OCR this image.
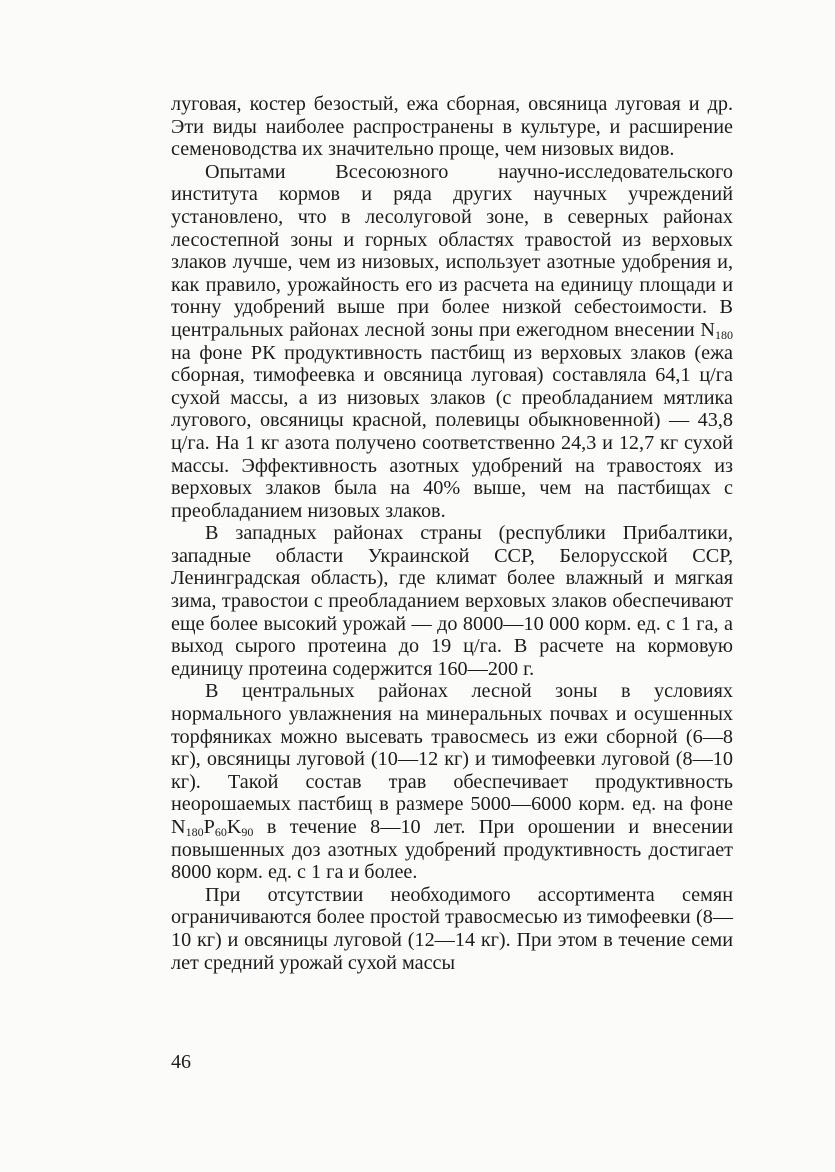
луговая, костер безостый, ежа сборная, овсяница луговая и др. Эти виды наиболее распространены в культуре, и расширение семеноводства их значительно проще, чем низовых видов.

Опытами Всесоюзного научно-исследовательского института кормов и ряда других научных учреждений установлено, что в лесолуговой зоне, в северных районах лесостепной зоны и горных областях травостой из верховых злаков лучше, чем из низовых, использует азотные удобрения и, как правило, урожайность его из расчета на единицу площади и тонну удобрений выше при более низкой себестоимости. В центральных районах лесной зоны при ежегодном внесении $N_{180}$ на фоне РК продуктивность пастбищ из верховых злаков (ежа сборная, тимофеевка и овсяница луговая) составляла 64,1 ц/га сухой массы, а из низовых злаков (с преобладанием мятлика лугового, овсяницы красной, полевицы обыкновенной) — 43,8 ц/га. На 1 кг азота получено соответственно 24,3 и 12,7 кг сухой массы. Эффективность азотных удобрений на травостоях из верховых злаков была на 40% выше, чем на пастбищах с преобладанием низовых злаков.

В западных районах страны (республики Прибалтики, западные области Украинской ССР, Белорусской ССР, Ленинградская область), где климат более влажный и мягкая зима, травостои с преобладанием верховых злаков обеспечивают еще более высокий урожай — до 8000—10 000 корм. ед. с 1 га, а выход сырого протеина до 19 ц/га. В расчете на кормовую единицу протеина содержится 160—200 г.

В центральных районах лесной зоны в условиях нормального увлажнения на минеральных почвах и осушенных торфяниках можно высевать травосмесь из ежи сборной (6—8 кг), овсяницы луговой (10—12 кг) и тимофеевки луговой (8—10 кг). Такой состав трав обеспечивает продуктивность неорошаемых пастбищ в размере 5000—6000 корм. ед. на фоне $N_{180}P_{60}K_{90}$ в течение 8—10 лет. При орошении и внесении повышенных доз азотных удобрений продуктивность достигает 8000 корм. ед. с 1 га и более.

При отсутствии необходимого ассортимента семян ограничиваются более простой травосмесью из тимофеевки (8—10 кг) и овсяницы луговой (12—14 кг). При этом в течение семи лет средний урожай сухой массы

46
